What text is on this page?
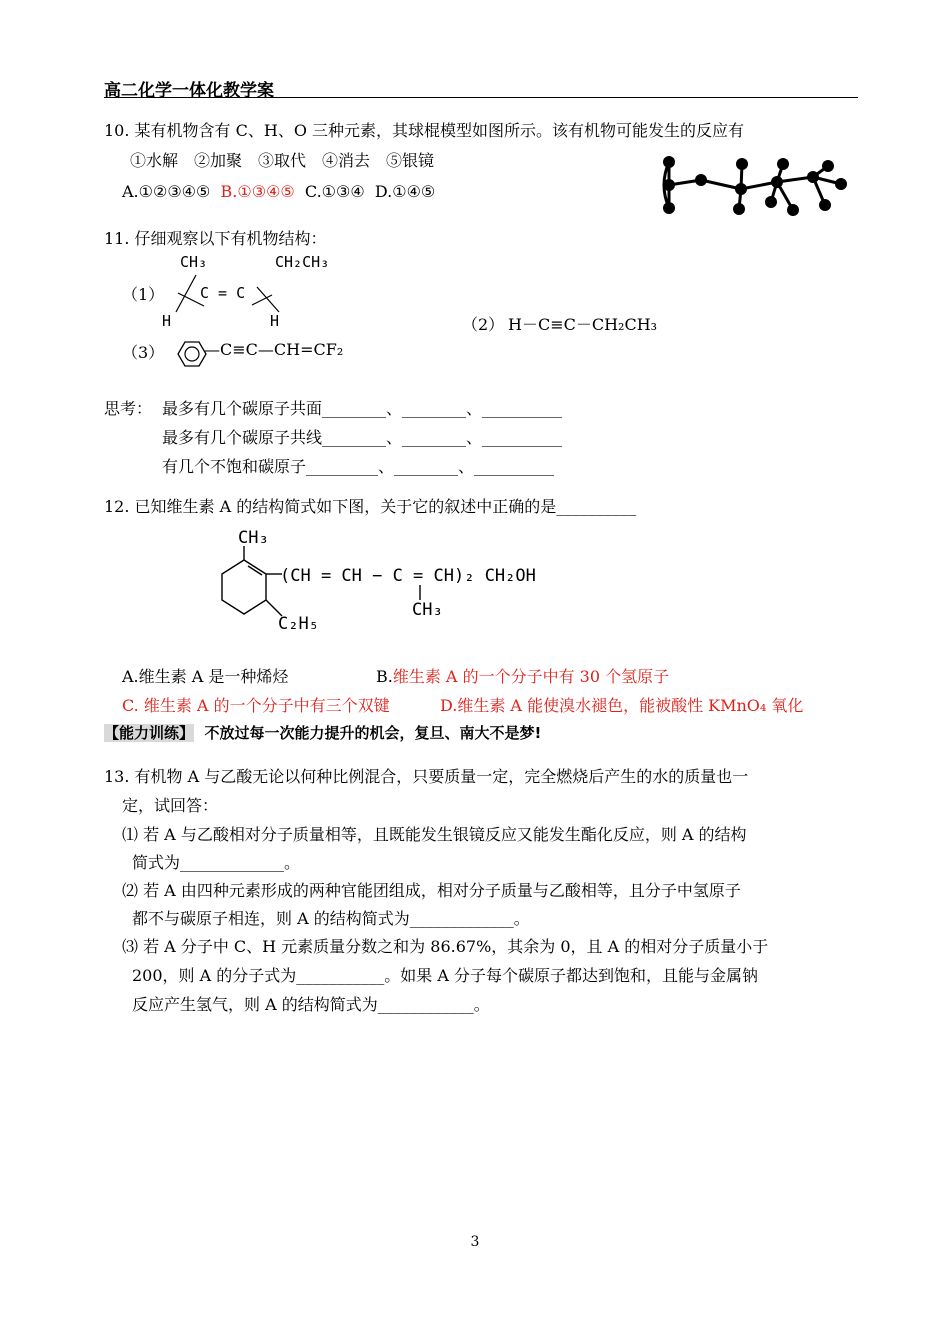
高二化学一体化教学案
10. 某有机物含有 C、H、O 三种元素，其球棍模型如图所示。该有机物可能发生的反应有
①水解　②加聚　③取代　④消去　⑤银镜
A.①②③④⑤ B.①③④⑤ C.①③④ D.①④⑤
11. 仔细观察以下有机物结构：
CH₃	CH₂CH₃
（1） C = C
H	H	（2） H－C≡C－CH₂CH₃
（3） —C≡C—CH=CF₂
思考： 最多有几个碳原子共面________、________、__________
最多有几个碳原子共线________、________、__________
有几个不饱和碳原子_________、________、__________
12. 已知维生素 A 的结构简式如下图，关于它的叙述中正确的是__________
CH₃
(CH = CH − C = CH)₂ CH₂OH
CH₃
C₂H₅
A.维生素 A 是一种烯烃	B.维生素 A 的一个分子中有 30 个氢原子
C. 维生素 A 的一个分子中有三个双键	D.维生素 A 能使溴水褪色，能被酸性 KMnO₄ 氧化
【能力训练】 不放过每一次能力提升的机会，复旦、南大不是梦!
13. 有机物 A 与乙酸无论以何种比例混合，只要质量一定，完全燃烧后产生的水的质量也一
定，试回答：
⑴ 若 A 与乙酸相对分子质量相等，且既能发生银镜反应又能发生酯化反应，则 A 的结构
简式为_____________。
⑵ 若 A 由四种元素形成的两种官能团组成，相对分子质量与乙酸相等，且分子中氢原子
都不与碳原子相连，则 A 的结构简式为_____________。
⑶ 若 A 分子中 C、H 元素质量分数之和为 86.67%，其余为 0，且 A 的相对分子质量小于
200，则 A 的分子式为___________。如果 A 分子每个碳原子都达到饱和，且能与金属钠
反应产生氢气，则 A 的结构简式为____________。
3
